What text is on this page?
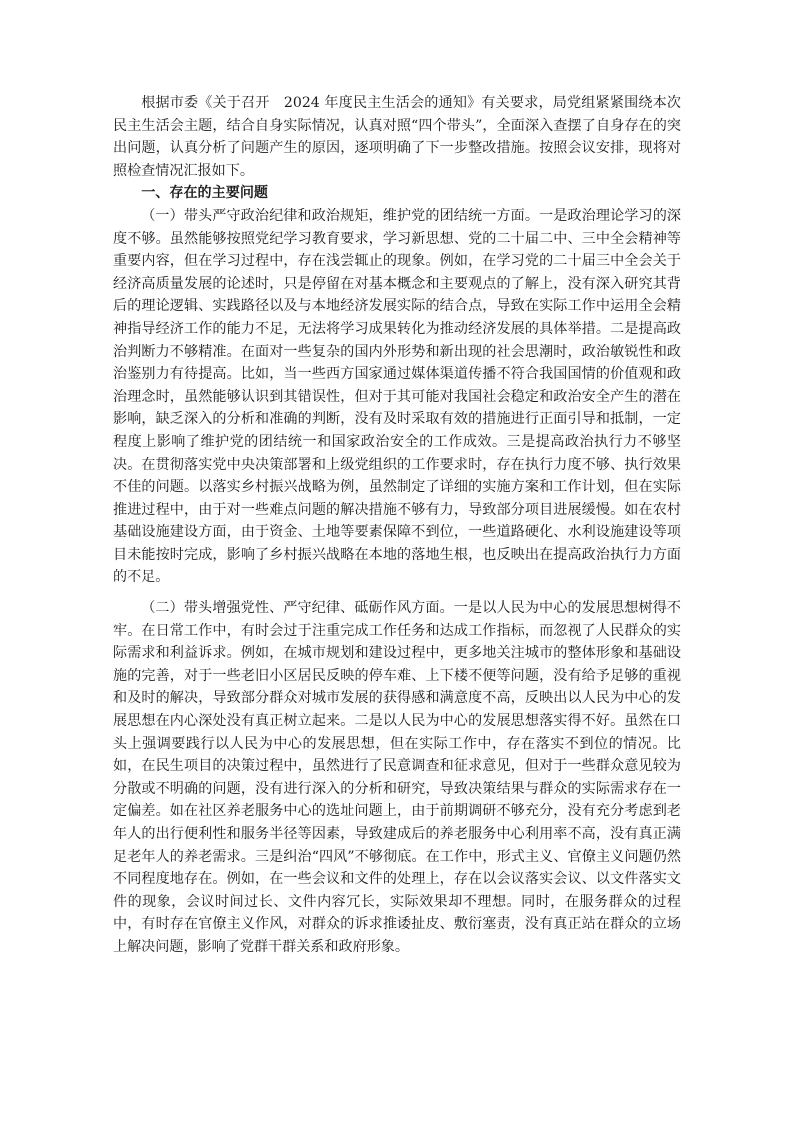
根据市委《关于召开　2024 年度民主生活会的通知》有关要求，局党组紧紧围绕本次民主生活会主题，结合自身实际情况，认真对照“四个带头”，全面深入查摆了自身存在的突出问题，认真分析了问题产生的原因，逐项明确了下一步整改措施。按照会议安排，现将对照检查情况汇报如下。

一、存在的主要问题

（一）带头严守政治纪律和政治规矩，维护党的团结统一方面。一是政治理论学习的深度不够。虽然能够按照党纪学习教育要求，学习新思想、党的二十届二中、三中全会精神等重要内容，但在学习过程中，存在浅尝辄止的现象。例如，在学习党的二十届三中全会关于经济高质量发展的论述时，只是停留在对基本概念和主要观点的了解上，没有深入研究其背后的理论逻辑、实践路径以及与本地经济发展实际的结合点，导致在实际工作中运用全会精神指导经济工作的能力不足，无法将学习成果转化为推动经济发展的具体举措。二是提高政治判断力不够精准。在面对一些复杂的国内外形势和新出现的社会思潮时，政治敏锐性和政治鉴别力有待提高。比如，当一些西方国家通过媒体渠道传播不符合我国国情的价值观和政治理念时，虽然能够认识到其错误性，但对于其可能对我国社会稳定和政治安全产生的潜在影响，缺乏深入的分析和准确的判断，没有及时采取有效的措施进行正面引导和抵制，一定程度上影响了维护党的团结统一和国家政治安全的工作成效。三是提高政治执行力不够坚决。在贯彻落实党中央决策部署和上级党组织的工作要求时，存在执行力度不够、执行效果不佳的问题。以落实乡村振兴战略为例，虽然制定了详细的实施方案和工作计划，但在实际推进过程中，由于对一些难点问题的解决措施不够有力，导致部分项目进展缓慢。如在农村基础设施建设方面，由于资金、土地等要素保障不到位，一些道路硬化、水利设施建设等项目未能按时完成，影响了乡村振兴战略在本地的落地生根，也反映出在提高政治执行力方面的不足。

（二）带头增强党性、严守纪律、砥砺作风方面。一是以人民为中心的发展思想树得不牢。在日常工作中，有时会过于注重完成工作任务和达成工作指标，而忽视了人民群众的实际需求和利益诉求。例如，在城市规划和建设过程中，更多地关注城市的整体形象和基础设施的完善，对于一些老旧小区居民反映的停车难、上下楼不便等问题，没有给予足够的重视和及时的解决，导致部分群众对城市发展的获得感和满意度不高，反映出以人民为中心的发展思想在内心深处没有真正树立起来。二是以人民为中心的发展思想落实得不好。虽然在口头上强调要践行以人民为中心的发展思想，但在实际工作中，存在落实不到位的情况。比如，在民生项目的决策过程中，虽然进行了民意调查和征求意见，但对于一些群众意见较为分散或不明确的问题，没有进行深入的分析和研究，导致决策结果与群众的实际需求存在一定偏差。如在社区养老服务中心的选址问题上，由于前期调研不够充分，没有充分考虑到老年人的出行便利性和服务半径等因素，导致建成后的养老服务中心利用率不高，没有真正满足老年人的养老需求。三是纠治“四风”不够彻底。在工作中，形式主义、官僚主义问题仍然不同程度地存在。例如，在一些会议和文件的处理上，存在以会议落实会议、以文件落实文件的现象，会议时间过长、文件内容冗长，实际效果却不理想。同时，在服务群众的过程中，有时存在官僚主义作风，对群众的诉求推诿扯皮、敷衍塞责，没有真正站在群众的立场上解决问题，影响了党群干群关系和政府形象。
